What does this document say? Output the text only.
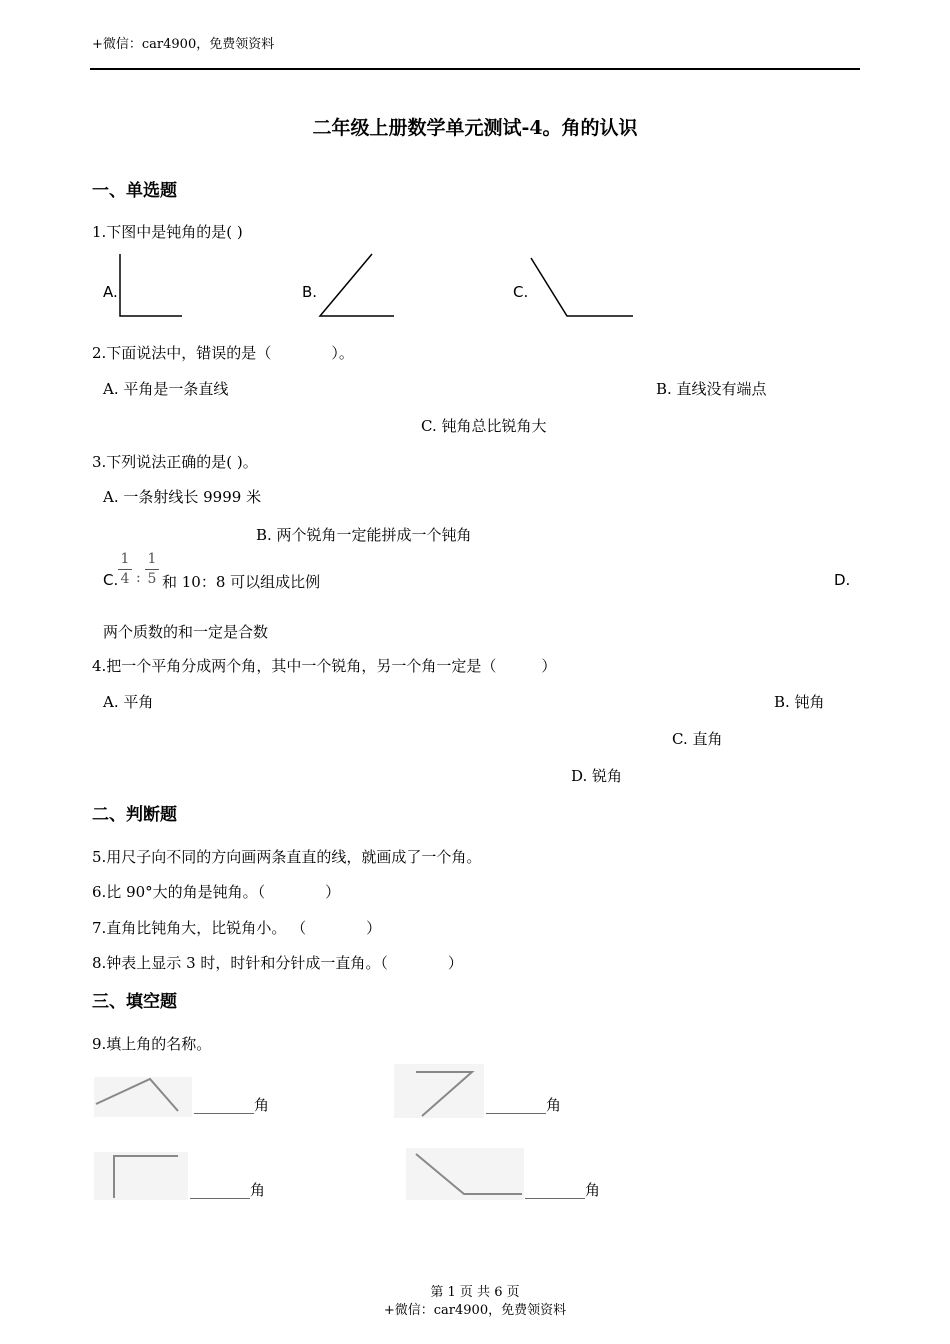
+微信：car4900，免费领资料
二年级上册数学单元测试-4。角的认识
一、单选题
1.下图中是钝角的是( )
A.	B.	C.
2.下面说法中，错误的是（　　　　）。
A. 平角是一条直线	B. 直线没有端点
C. 钝角总比锐角大
3.下列说法正确的是( )。
A. 一条射线长 9999 米
B. 两个锐角一定能拼成一个钝角
C.
1
4 :
1
5 和 10：8 可以组成比例	D.
两个质数的和一定是合数
4.把一个平角分成两个角，其中一个锐角，另一个角一定是（　　　）
A. 平角	B. 钝角
C. 直角
D. 锐角
二、判断题
5.用尺子向不同的方向画两条直直的线，就画成了一个角。
6.比 90°大的角是钝角。（　　　　）
7.直角比钝角大，比锐角小。 （　　　　）
8.钟表上显示 3 时，时针和分针成一直角。（　　　　）
三、填空题
9.填上角的名称。
________角	________角
________角	________角
第 1 页 共 6 页
+微信：car4900，免费领资料
